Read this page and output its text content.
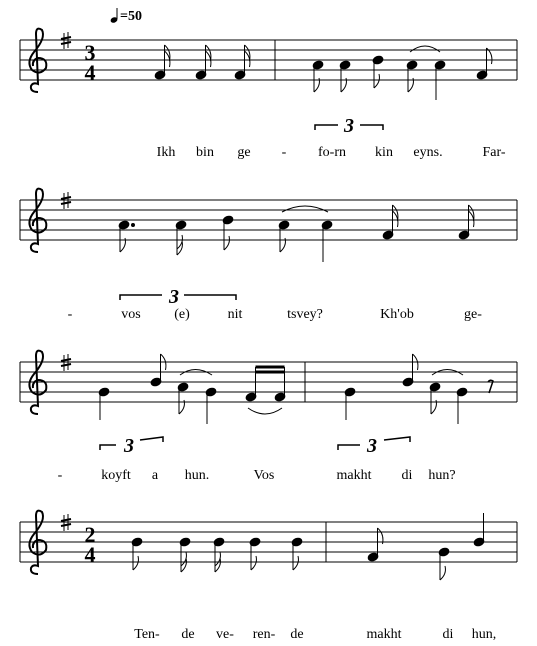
3
4
2
4
3
3
3	3
=50
Ikh bin ge - fo-rn kin eyns.	Far-
-	vos (e)	nit	tsvey?	Kh'ob	ge-
-	koyft a hun.	Vos	makht di hun?
Ten- de ve- ren- de	makht	di hun,
